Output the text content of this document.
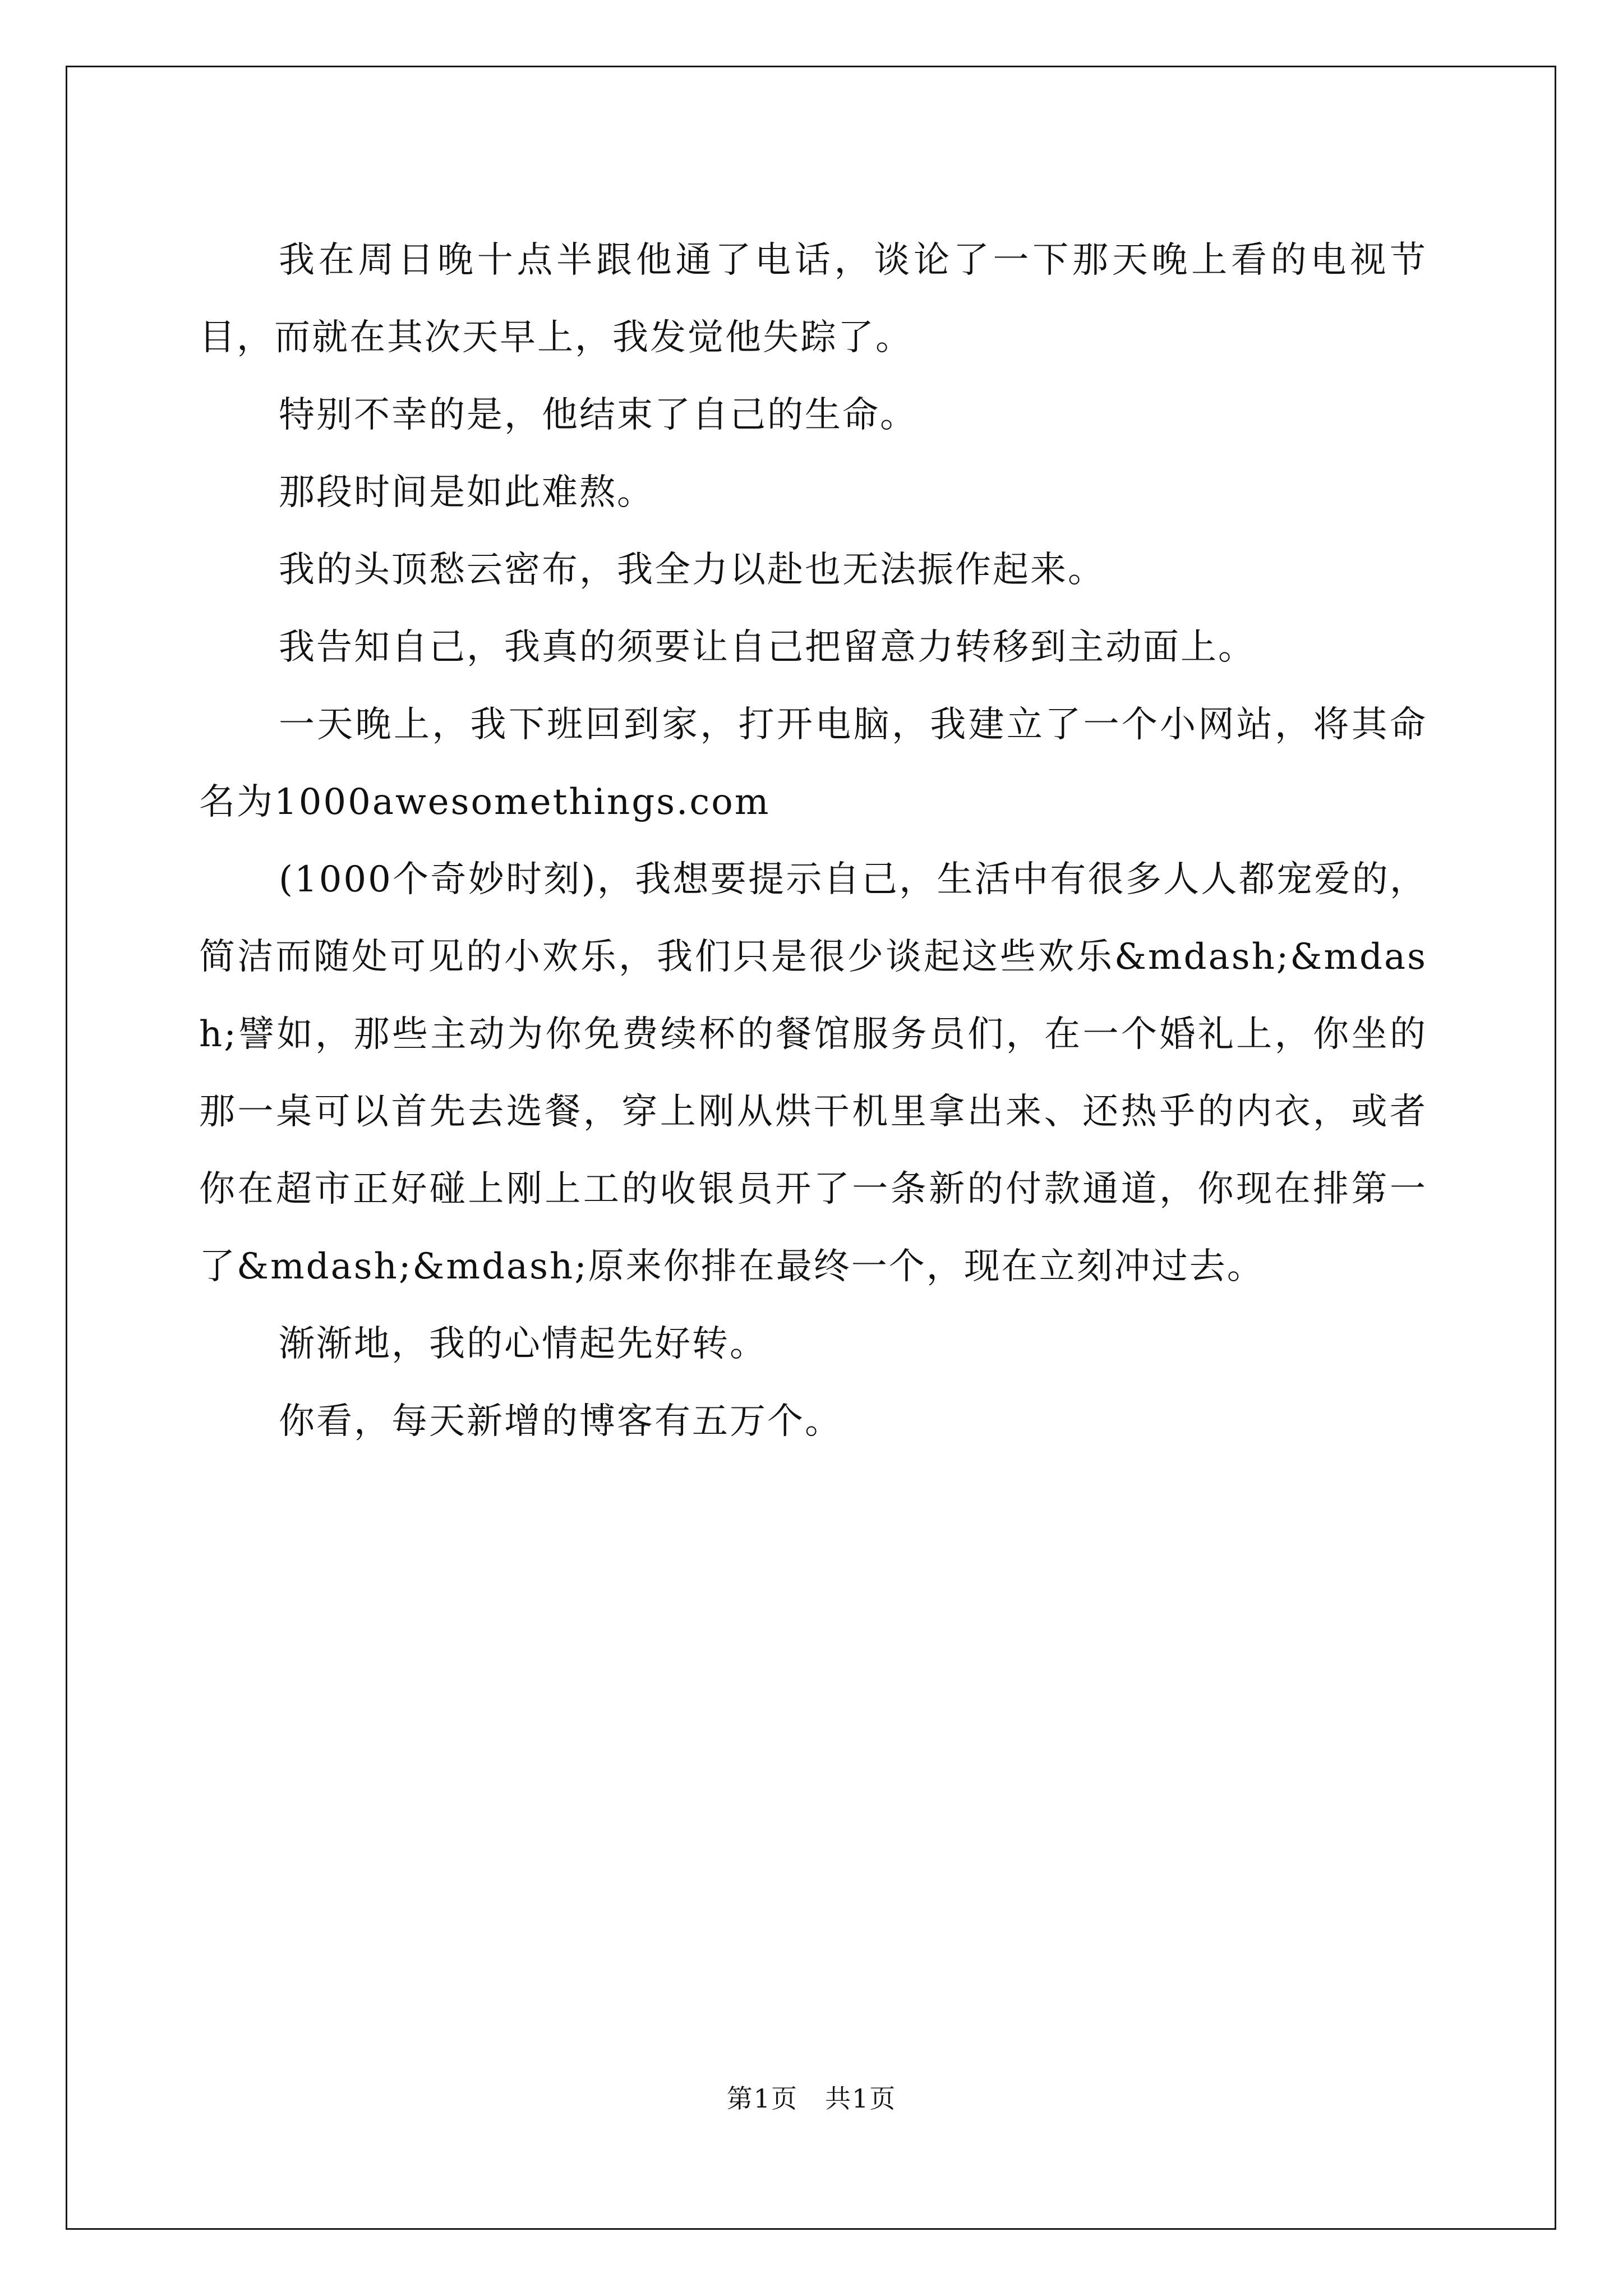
我在周日晚十点半跟他通了电话，谈论了一下那天晚上看的电视节目，而就在其次天早上，我发觉他失踪了。

特别不幸的是，他结束了自己的生命。

那段时间是如此难熬。

我的头顶愁云密布，我全力以赴也无法振作起来。

我告知自己，我真的须要让自己把留意力转移到主动面上。

一天晚上，我下班回到家，打开电脑，我建立了一个小网站，将其命名为1000awesomethings.com

(1000个奇妙时刻)，我想要提示自己，生活中有很多人人都宠爱的，简洁而随处可见的小欢乐，我们只是很少谈起这些欢乐&mdash;&mdash;譬如，那些主动为你免费续杯的餐馆服务员们，在一个婚礼上，你坐的那一桌可以首先去选餐，穿上刚从烘干机里拿出来、还热乎的内衣，或者你在超市正好碰上刚上工的收银员开了一条新的付款通道，你现在排第一了&mdash;&mdash;原来你排在最终一个，现在立刻冲过去。

渐渐地，我的心情起先好转。

你看，每天新增的博客有五万个。

第1页　共1页
